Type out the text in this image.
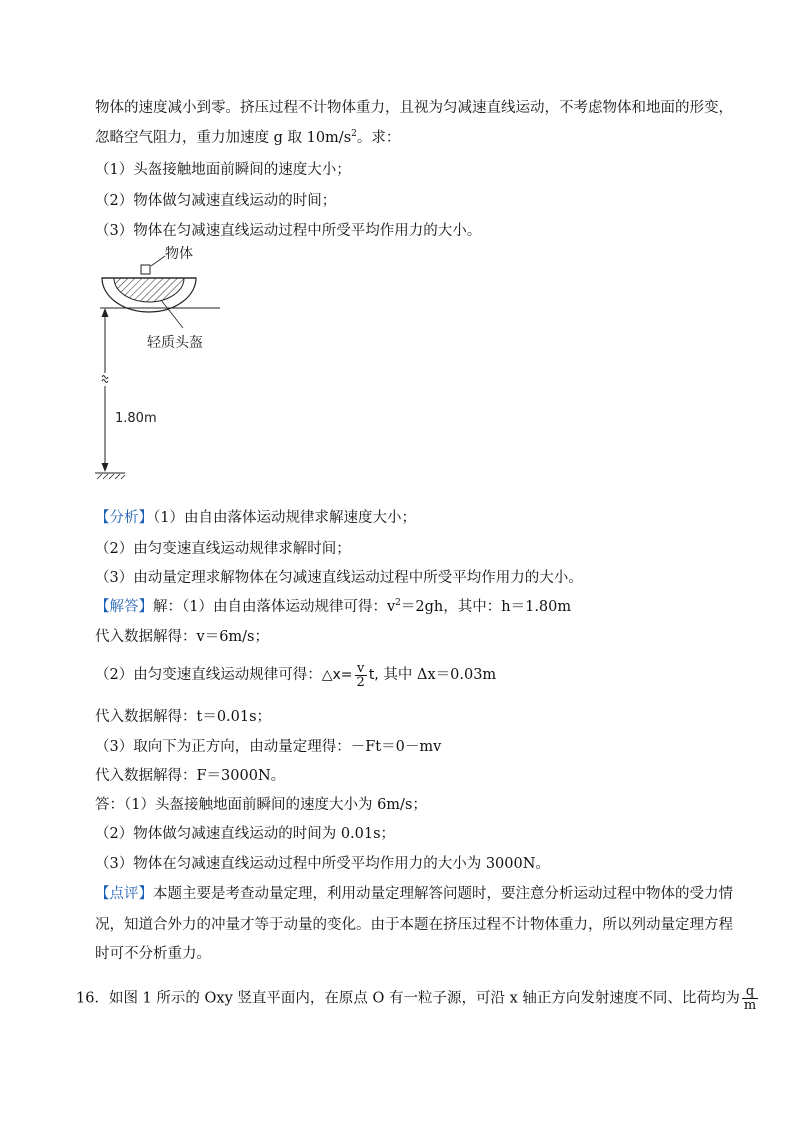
物体的速度减小到零。挤压过程不计物体重力，且视为匀减速直线运动，不考虑物体和地面的形变，
忽略空气阻力，重力加速度 g 取 $10m/s^2$。求：
（1）头盔接触地面前瞬间的速度大小；
（2）物体做匀减速直线运动的时间；
（3）物体在匀减速直线运动过程中所受平均作用力的大小。
物体
轻质头盔
1.80m
【分析】（1）由自由落体运动规律求解速度大小；
（2）由匀变速直线运动规律求解时间；
（3）由动量定理求解物体在匀减速直线运动过程中所受平均作用力的大小。
【解答】解：（1）由自由落体运动规律可得：$v^2=2gh$，其中：h＝1.80m
代入数据解得：v＝6m/s；
（2）由匀变速直线运动规律可得：△x= $\frac{v}{2} t$, 其中 Δx＝0.03m
代入数据解得：t＝0.01s；
（3）取向下为正方向，由动量定理得：－Ft＝0－mv
代入数据解得：F＝3000N。
答：（1）头盔接触地面前瞬间的速度大小为 6m/s；
（2）物体做匀减速直线运动的时间为 0.01s；
（3）物体在匀减速直线运动过程中所受平均作用力的大小为 3000N。
【点评】本题主要是考查动量定理，利用动量定理解答问题时，要注意分析运动过程中物体的受力情
况，知道合外力的冲量才等于动量的变化。由于本题在挤压过程不计物体重力，所以列动量定理方程
时可不分析重力。
16．如图 1 所示的 Oxy 竖直平面内，在原点 O 有一粒子源，可沿 x 轴正方向发射速度不同、比荷均为 $\frac{q}{m}$
